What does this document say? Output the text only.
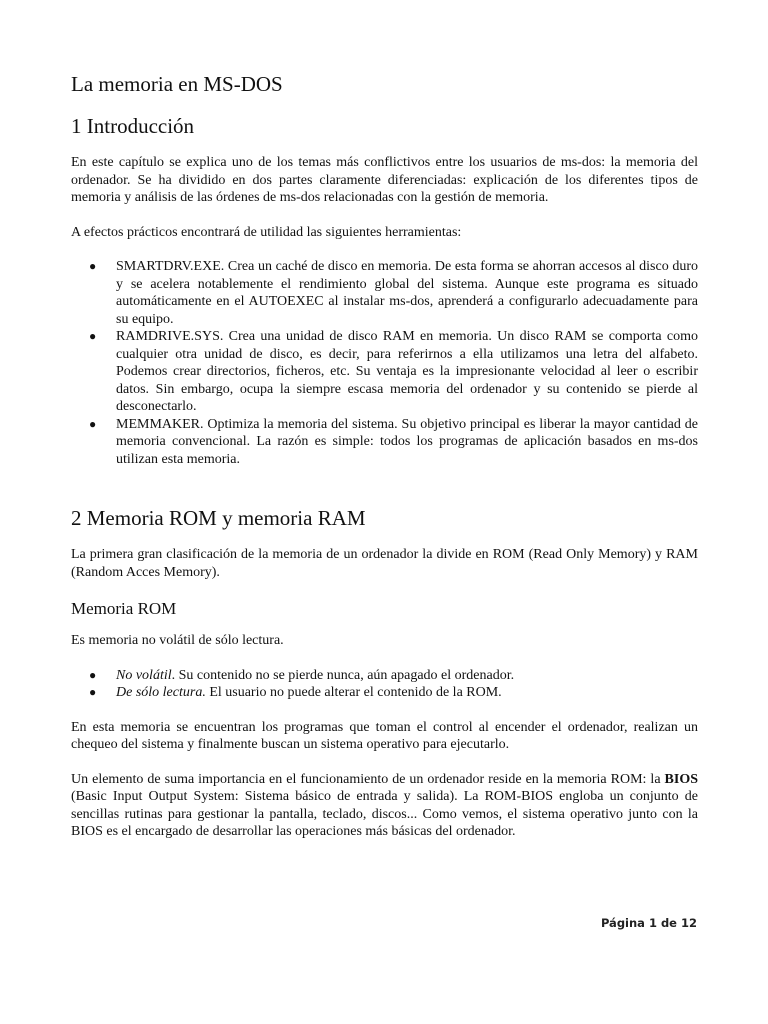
La memoria en MS-DOS
1 Introducción

En este capítulo se explica uno de los temas más conflictivos entre los usuarios de ms-dos: la memoria del ordenador. Se ha dividido en dos partes claramente diferenciadas: explicación de los diferentes tipos de memoria y análisis de las órdenes de ms-dos relacionadas con la gestión de memoria.

A efectos prácticos encontrará de utilidad las siguientes herramientas:

● SMARTDRV.EXE. Crea un caché de disco en memoria. De esta forma se ahorran accesos al disco duro y se acelera notablemente el rendimiento global del sistema. Aunque este programa es situado automáticamente en el AUTOEXEC al instalar ms-dos, aprenderá a configurarlo adecuadamente para su equipo.
● RAMDRIVE.SYS. Crea una unidad de disco RAM en memoria. Un disco RAM se comporta como cualquier otra unidad de disco, es decir, para referirnos a ella utilizamos una letra del alfabeto. Podemos crear directorios, ficheros, etc. Su ventaja es la impresionante velocidad al leer o escribir datos. Sin embargo, ocupa la siempre escasa memoria del ordenador y su contenido se pierde al desconectarlo.
● MEMMAKER. Optimiza la memoria del sistema. Su objetivo principal es liberar la mayor cantidad de memoria convencional. La razón es simple: todos los programas de aplicación basados en ms-dos utilizan esta memoria.
2 Memoria ROM y memoria RAM

La primera gran clasificación de la memoria de un ordenador la divide en ROM (Read Only Memory) y RAM (Random Acces Memory).

Memoria ROM

Es memoria no volátil de sólo lectura.

● No volátil. Su contenido no se pierde nunca, aún apagado el ordenador.
● De sólo lectura. El usuario no puede alterar el contenido de la ROM.

En esta memoria se encuentran los programas que toman el control al encender el ordenador, realizan un chequeo del sistema y finalmente buscan un sistema operativo para ejecutarlo.

Un elemento de suma importancia en el funcionamiento de un ordenador reside en la memoria ROM: la BIOS (Basic Input Output System: Sistema básico de entrada y salida). La ROM-BIOS engloba un conjunto de sencillas rutinas para gestionar la pantalla, teclado, discos... Como vemos, el sistema operativo junto con la BIOS es el encargado de desarrollar las operaciones más básicas del ordenador.

Página 1 de 12
